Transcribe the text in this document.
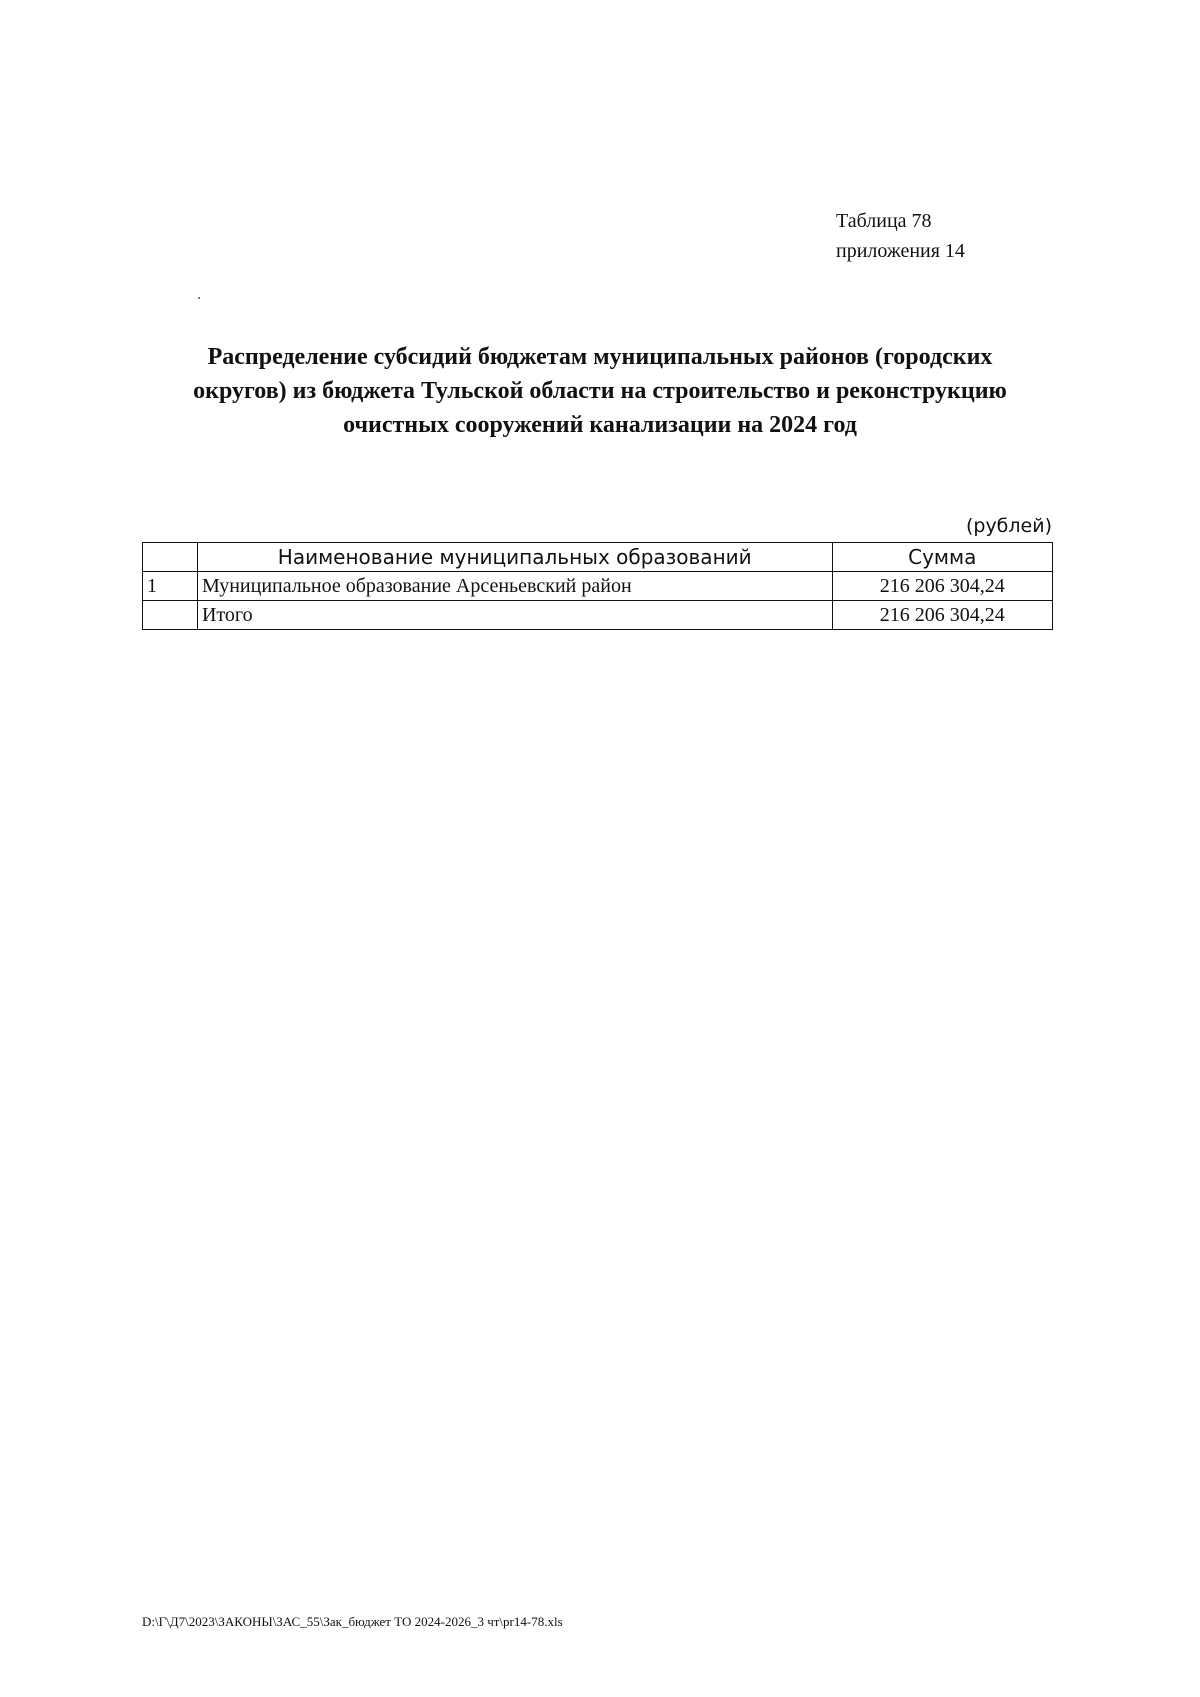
Таблица 78
приложения 14
Распределение субсидий бюджетам муниципальных районов (городских
округов) из бюджета Тульской области на строительство и реконструкцию
очистных сооружений канализации на 2024 год
(рублей)
	Наименование муниципальных образований	Сумма
1	Муниципальное образование Арсеньевский район	216 206 304,24
	Итого	216 206 304,24
D:\Г\Д7\2023\ЗАКОНЫ\ЗАС_55\Зак_бюджет ТО 2024-2026_3 чт\pr14-78.xls
